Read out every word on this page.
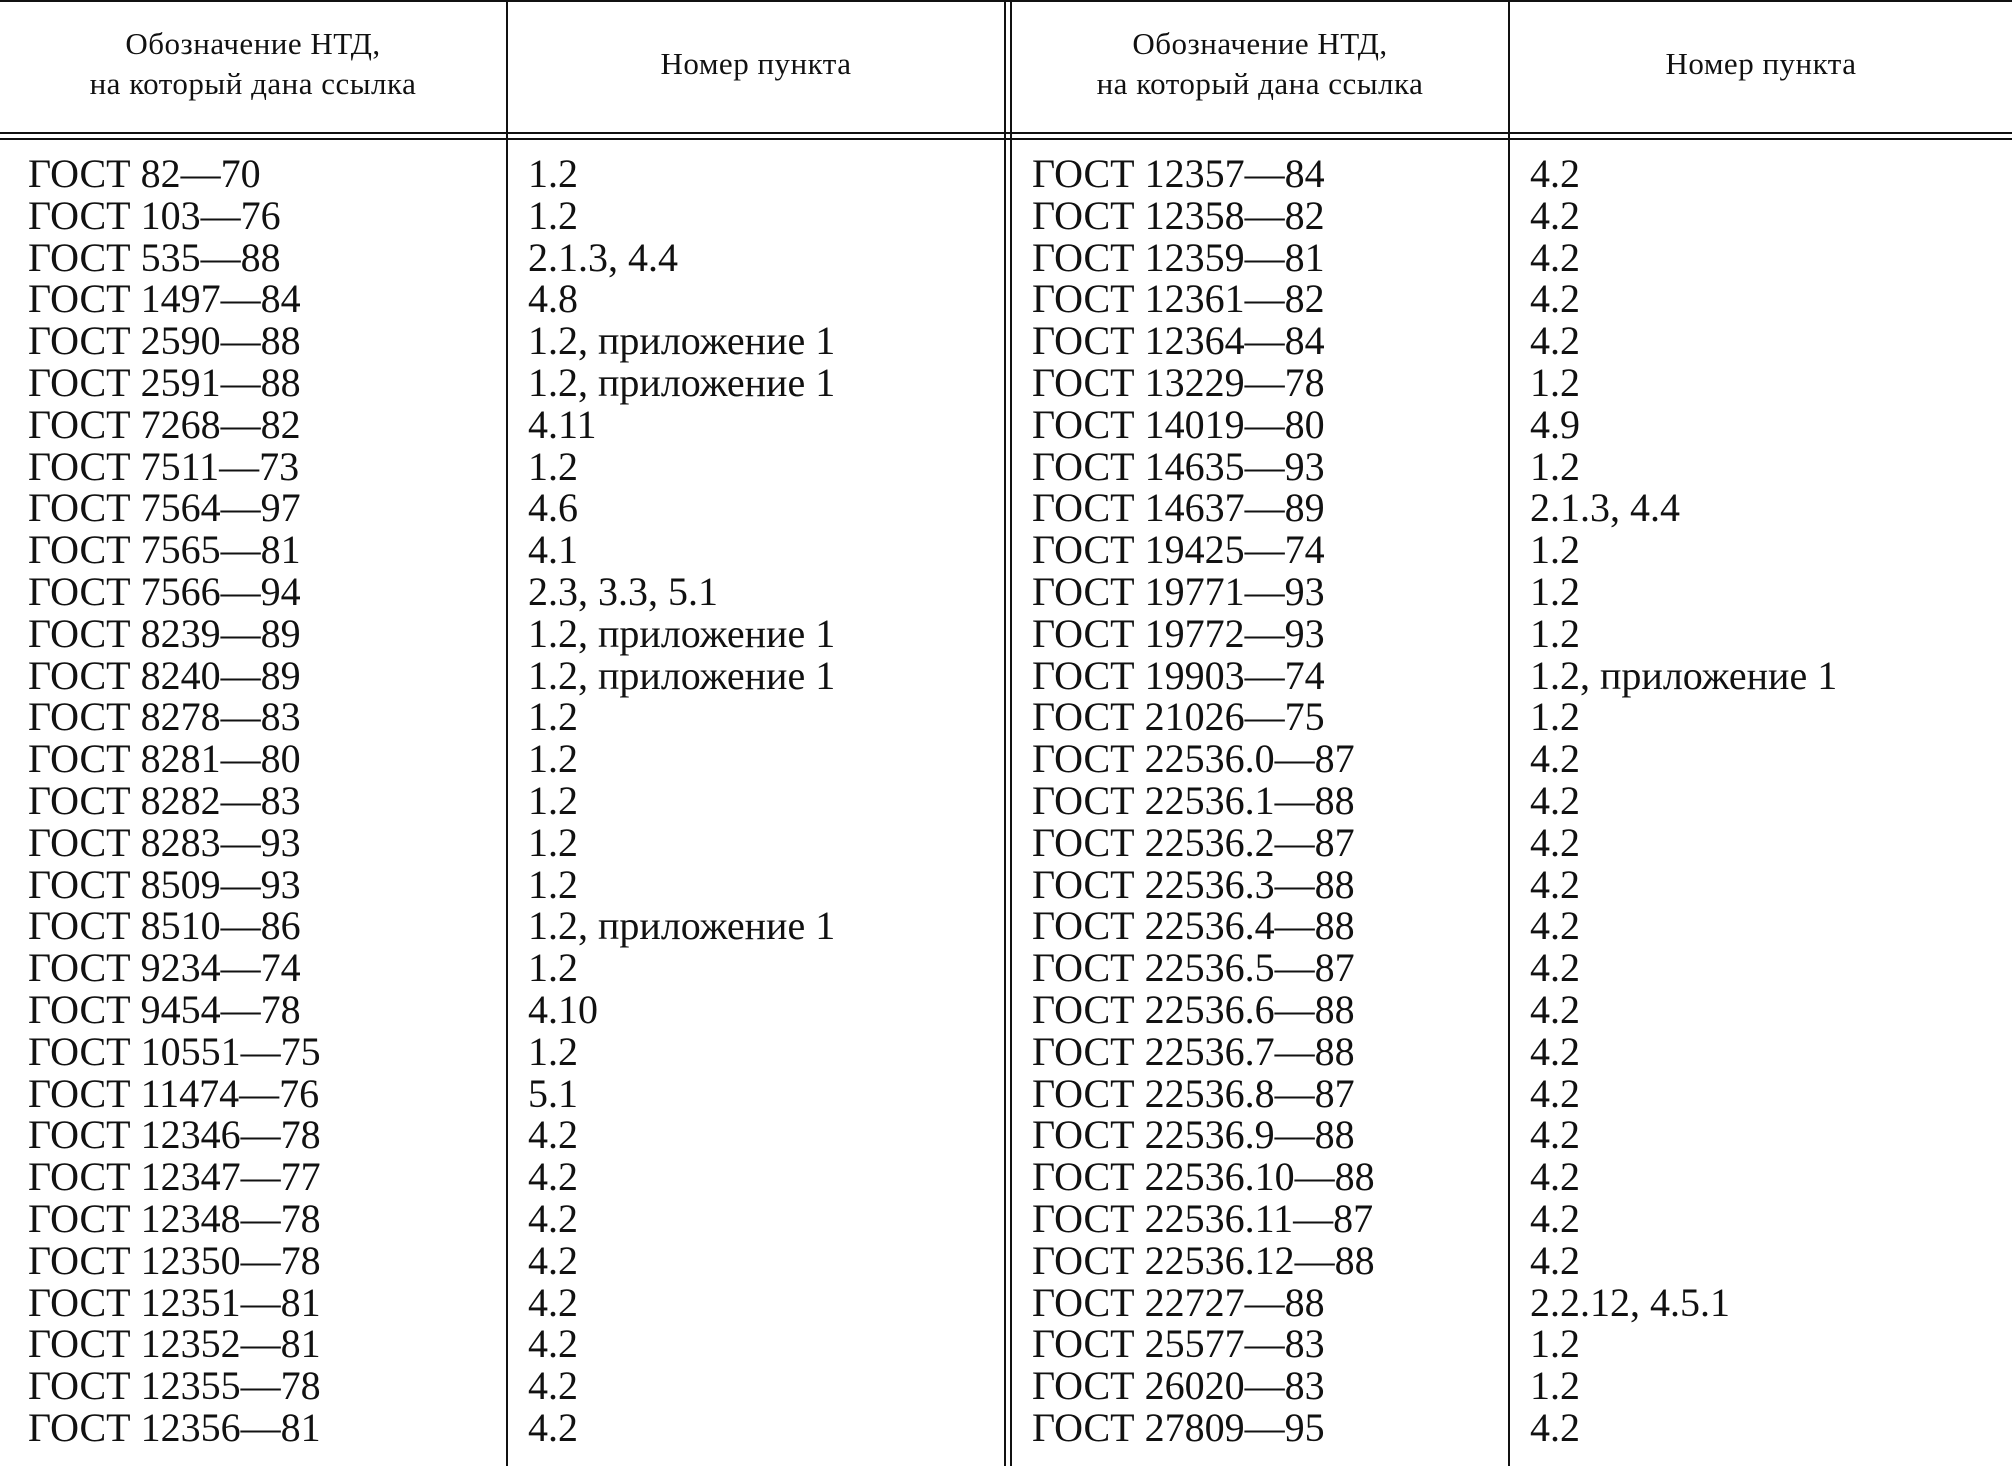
Обозначение НТД,
на который дана ссылка
Номер пункта
Обозначение НТД,
на который дана ссылка
Номер пункта
ГОСТ 82—70
ГОСТ 103—76
ГОСТ 535—88
ГОСТ 1497—84
ГОСТ 2590—88
ГОСТ 2591—88
ГОСТ 7268—82
ГОСТ 7511—73
ГОСТ 7564—97
ГОСТ 7565—81
ГОСТ 7566—94
ГОСТ 8239—89
ГОСТ 8240—89
ГОСТ 8278—83
ГОСТ 8281—80
ГОСТ 8282—83
ГОСТ 8283—93
ГОСТ 8509—93
ГОСТ 8510—86
ГОСТ 9234—74
ГОСТ 9454—78
ГОСТ 10551—75
ГОСТ 11474—76
ГОСТ 12346—78
ГОСТ 12347—77
ГОСТ 12348—78
ГОСТ 12350—78
ГОСТ 12351—81
ГОСТ 12352—81
ГОСТ 12355—78
ГОСТ 12356—81
1.2
1.2
2.1.3, 4.4
4.8
1.2, приложение 1
1.2, приложение 1
4.11
1.2
4.6
4.1
2.3, 3.3, 5.1
1.2, приложение 1
1.2, приложение 1
1.2
1.2
1.2
1.2
1.2
1.2, приложение 1
1.2
4.10
1.2
5.1
4.2
4.2
4.2
4.2
4.2
4.2
4.2
4.2
ГОСТ 12357—84
ГОСТ 12358—82
ГОСТ 12359—81
ГОСТ 12361—82
ГОСТ 12364—84
ГОСТ 13229—78
ГОСТ 14019—80
ГОСТ 14635—93
ГОСТ 14637—89
ГОСТ 19425—74
ГОСТ 19771—93
ГОСТ 19772—93
ГОСТ 19903—74
ГОСТ 21026—75
ГОСТ 22536.0—87
ГОСТ 22536.1—88
ГОСТ 22536.2—87
ГОСТ 22536.3—88
ГОСТ 22536.4—88
ГОСТ 22536.5—87
ГОСТ 22536.6—88
ГОСТ 22536.7—88
ГОСТ 22536.8—87
ГОСТ 22536.9—88
ГОСТ 22536.10—88
ГОСТ 22536.11—87
ГОСТ 22536.12—88
ГОСТ 22727—88
ГОСТ 25577—83
ГОСТ 26020—83
ГОСТ 27809—95
4.2
4.2
4.2
4.2
4.2
1.2
4.9
1.2
2.1.3, 4.4
1.2
1.2
1.2
1.2, приложение 1
1.2
4.2
4.2
4.2
4.2
4.2
4.2
4.2
4.2
4.2
4.2
4.2
4.2
4.2
2.2.12, 4.5.1
1.2
1.2
4.2
